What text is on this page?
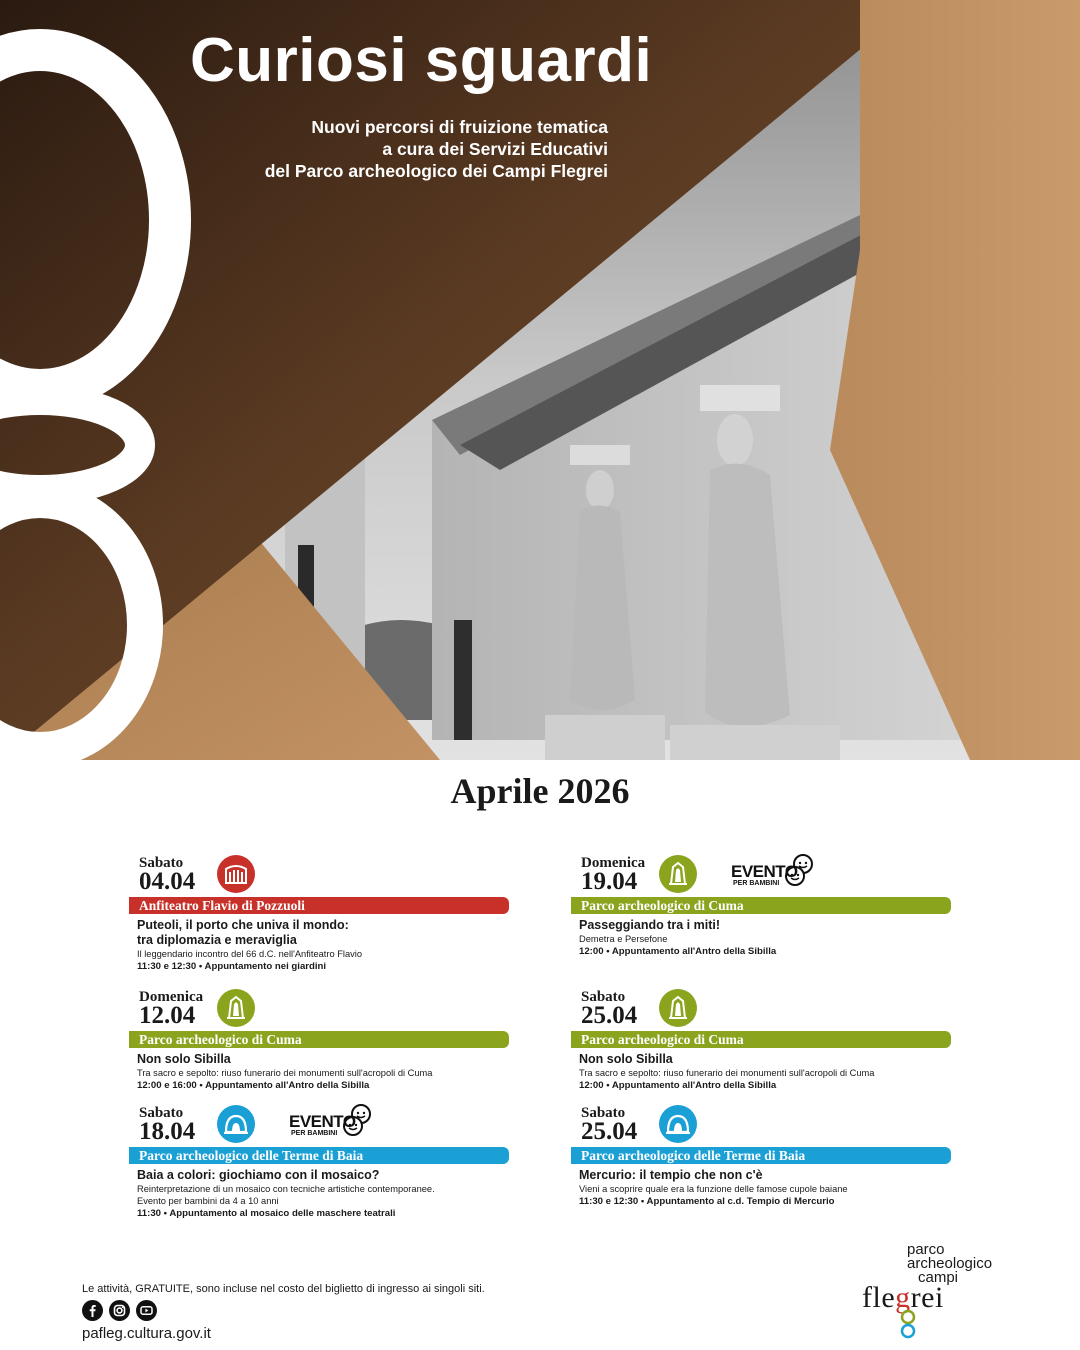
Curiosi sguardi
Nuovi percorsi di fruizione tematica
a cura dei Servizi Educativi
del Parco archeologico dei Campi Flegrei
Aprile 2026
Sabato
04.04
Anfiteatro Flavio di Pozzuoli
Puteoli, il porto che univa il mondo:
tra diplomazia e meraviglia
Il leggendario incontro del 66 d.C. nell'Anfiteatro Flavio
11:30 e 12:30 • Appuntamento nei giardini
Domenica
12.04
Parco archeologico di Cuma
Non solo Sibilla
Tra sacro e sepolto: riuso funerario dei monumenti sull'acropoli di Cuma
12:00 e 16:00 • Appuntamento all'Antro della Sibilla
Sabato
18.04	EVENTO
PER BAMBINI
Parco archeologico delle Terme di Baia
Baia a colori: giochiamo con il mosaico?
Reinterpretazione di un mosaico con tecniche artistiche contemporanee.
Evento per bambini da 4 a 10 anni
11:30 • Appuntamento al mosaico delle maschere teatrali
Domenica
19.04	EVENTO
PER BAMBINI
Parco archeologico di Cuma
Passeggiando tra i miti!
Demetra e Persefone
12:00 • Appuntamento all'Antro della Sibilla
Sabato
25.04
Parco archeologico di Cuma
Non solo Sibilla
Tra sacro e sepolto: riuso funerario dei monumenti sull'acropoli di Cuma
12:00 • Appuntamento all'Antro della Sibilla
Sabato
25.04
Parco archeologico delle Terme di Baia
Mercurio: il tempio che non c'è
Vieni a scoprire quale era la funzione delle famose cupole baiane
11:30 e 12:30 • Appuntamento al c.d. Tempio di Mercurio
Le attività, GRATUITE, sono incluse nel costo del biglietto di ingresso ai singoli siti.
pafleg.cultura.gov.it
parco
archeologico
campi
flegrei
